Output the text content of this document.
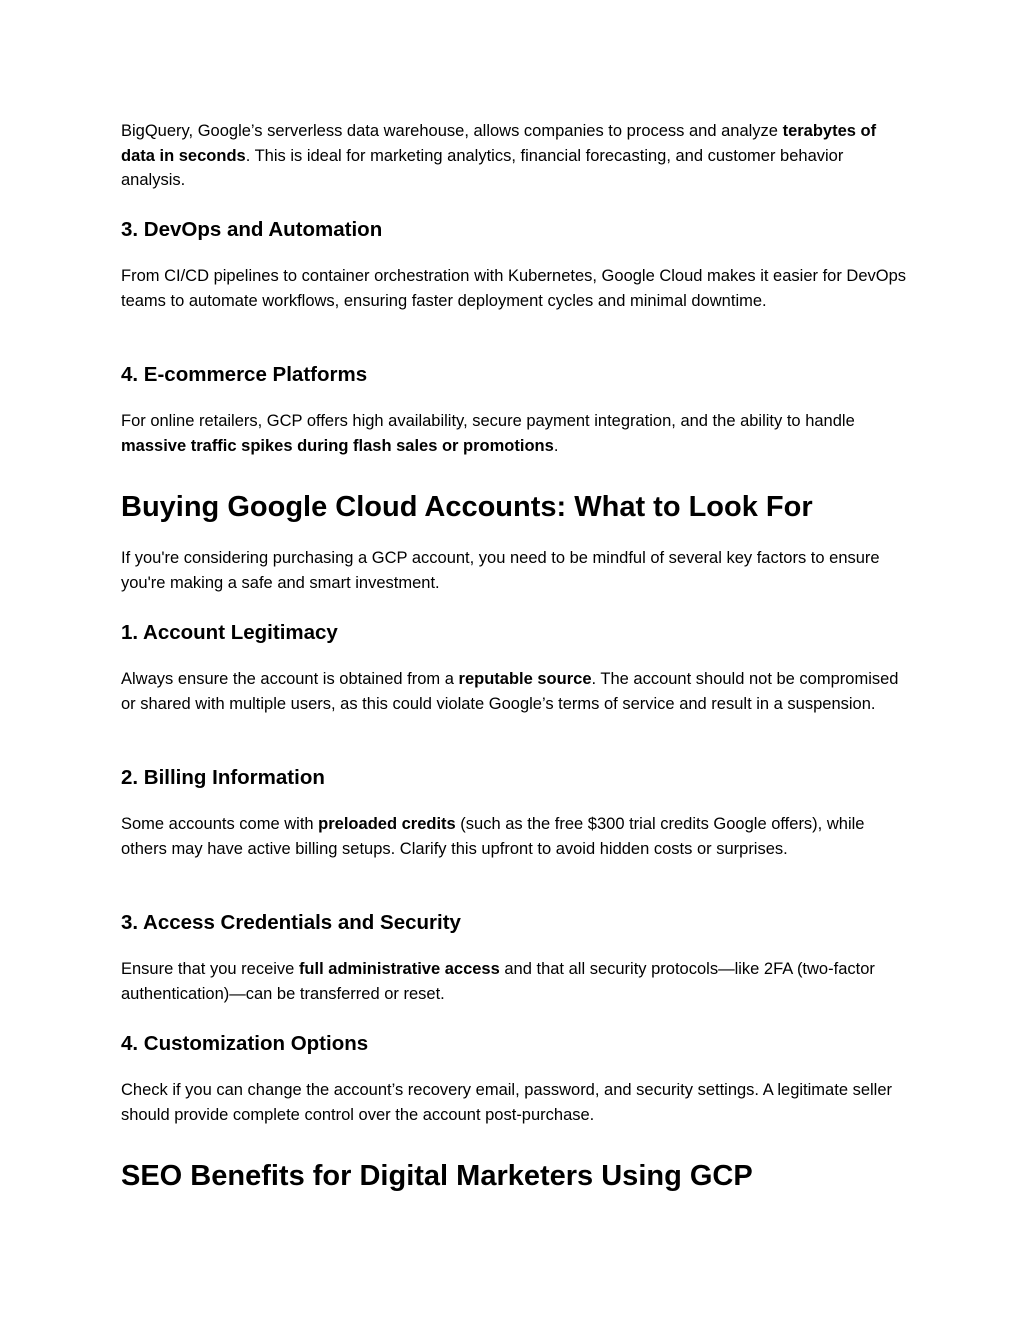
BigQuery, Google’s serverless data warehouse, allows companies to process and analyze terabytes of data in seconds. This is ideal for marketing analytics, financial forecasting, and customer behavior analysis.

3. DevOps and Automation

From CI/CD pipelines to container orchestration with Kubernetes, Google Cloud makes it easier for DevOps teams to automate workflows, ensuring faster deployment cycles and minimal downtime.

4. E-commerce Platforms

For online retailers, GCP offers high availability, secure payment integration, and the ability to handle massive traffic spikes during flash sales or promotions.

Buying Google Cloud Accounts: What to Look For

If you're considering purchasing a GCP account, you need to be mindful of several key factors to ensure you're making a safe and smart investment.

1. Account Legitimacy

Always ensure the account is obtained from a reputable source. The account should not be compromised or shared with multiple users, as this could violate Google’s terms of service and result in a suspension.

2. Billing Information

Some accounts come with preloaded credits (such as the free $300 trial credits Google offers), while others may have active billing setups. Clarify this upfront to avoid hidden costs or surprises.

3. Access Credentials and Security

Ensure that you receive full administrative access and that all security protocols—like 2FA (two-factor authentication)—can be transferred or reset.

4. Customization Options

Check if you can change the account’s recovery email, password, and security settings. A legitimate seller should provide complete control over the account post-purchase.

SEO Benefits for Digital Marketers Using GCP
